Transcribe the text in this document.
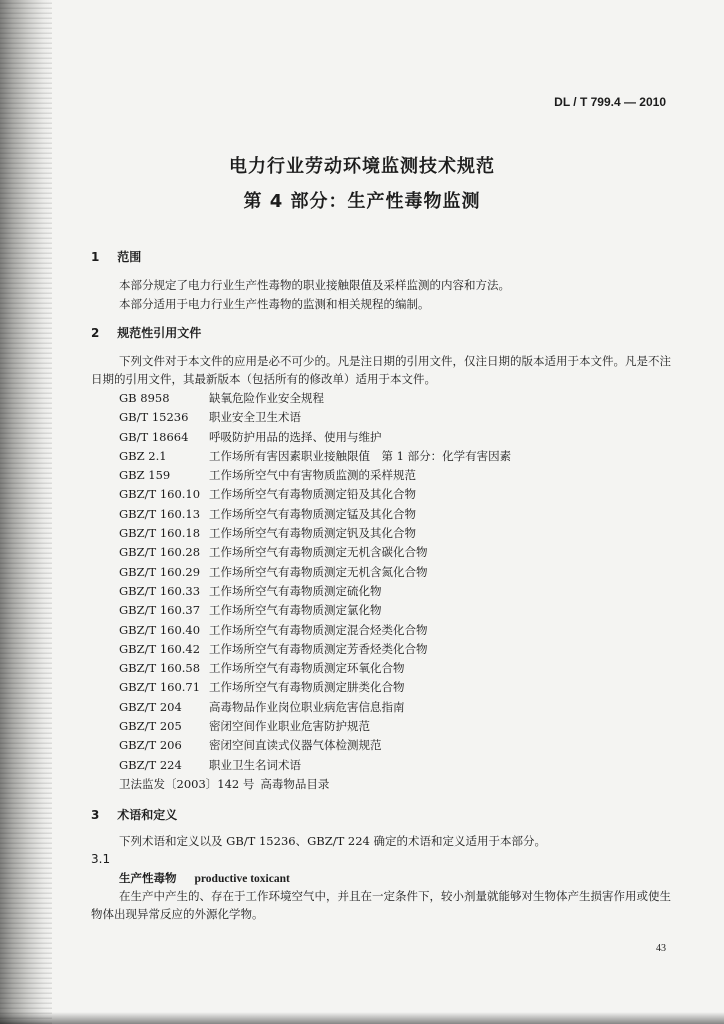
DL / T 799.4 — 2010
电力行业劳动环境监测技术规范
第 4 部分：生产性毒物监测
1 范围
本部分规定了电力行业生产性毒物的职业接触限值及采样监测的内容和方法。
本部分适用于电力行业生产性毒物的监测和相关规程的编制。
2 规范性引用文件
下列文件对于本文件的应用是必不可少的。凡是注日期的引用文件，仅注日期的版本适用于本文件。凡是不注日期的引用文件，其最新版本（包括所有的修改单）适用于本文件。
GB 8958	缺氧危险作业安全规程
GB/T 15236 职业安全卫生术语
GB/T 18664 呼吸防护用品的选择、使用与维护
GBZ 2.1	工作场所有害因素职业接触限值　第 1 部分：化学有害因素
GBZ 159	工作场所空气中有害物质监测的采样规范
GBZ/T 160.10 工作场所空气有毒物质测定铅及其化合物
GBZ/T 160.13 工作场所空气有毒物质测定锰及其化合物
GBZ/T 160.18 工作场所空气有毒物质测定钒及其化合物
GBZ/T 160.28 工作场所空气有毒物质测定无机含碳化合物
GBZ/T 160.29 工作场所空气有毒物质测定无机含氮化合物
GBZ/T 160.33 工作场所空气有毒物质测定硫化物
GBZ/T 160.37 工作场所空气有毒物质测定氯化物
GBZ/T 160.40 工作场所空气有毒物质测定混合烃类化合物
GBZ/T 160.42 工作场所空气有毒物质测定芳香烃类化合物
GBZ/T 160.58 工作场所空气有毒物质测定环氧化合物
GBZ/T 160.71 工作场所空气有毒物质测定肼类化合物
GBZ/T 204 高毒物品作业岗位职业病危害信息指南
GBZ/T 205 密闭空间作业职业危害防护规范
GBZ/T 206 密闭空间直读式仪器气体检测规范
GBZ/T 224 职业卫生名词术语
卫法监发〔2003〕142 号 高毒物品目录
3 术语和定义
下列术语和定义以及 GB/T 15236、GBZ/T 224 确定的术语和定义适用于本部分。
3.1
生产性毒物 productive toxicant
在生产中产生的、存在于工作环境空气中，并且在一定条件下，较小剂量就能够对生物体产生损害作用或使生物体出现异常反应的外源化学物。
43
